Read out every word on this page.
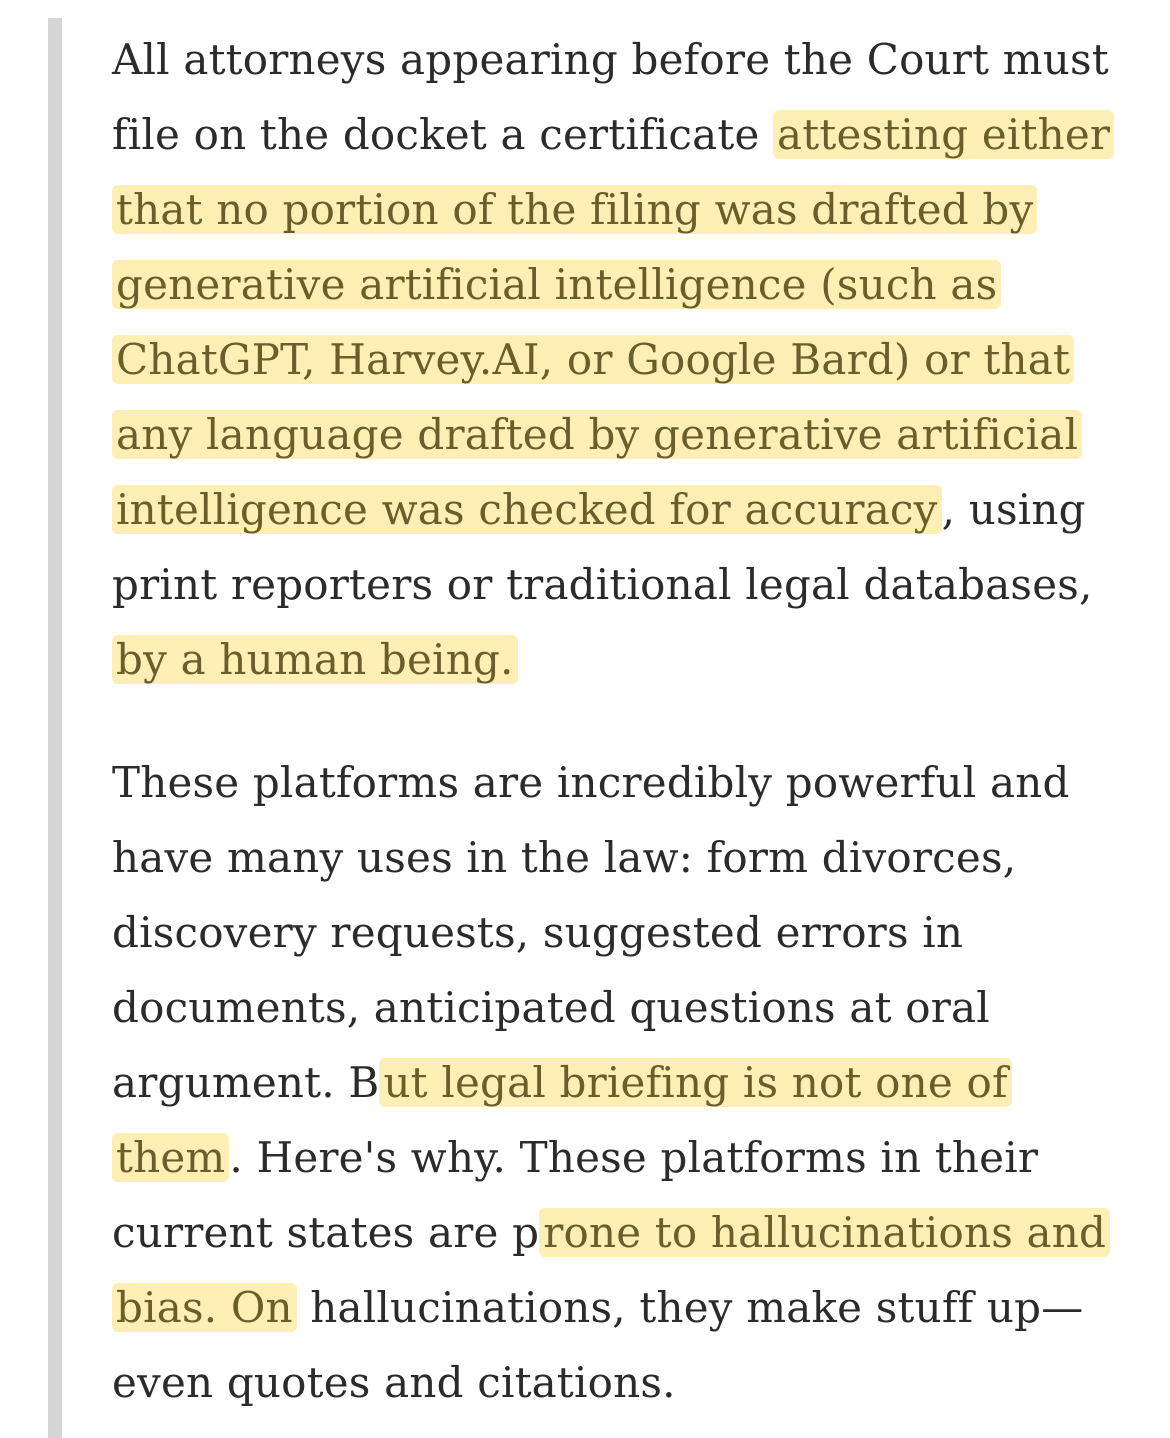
All attorneys appearing before the Court must file on the docket a certificate attesting either that no portion of the filing was drafted by generative artificial intelligence (such as ChatGPT, Harvey.AI, or Google Bard) or that any language drafted by generative artificial intelligence was checked for accuracy, using print reporters or traditional legal databases, by a human being.

These platforms are incredibly powerful and have many uses in the law: form divorces, discovery requests, suggested errors in documents, anticipated questions at oral argument. But legal briefing is not one of them. Here's why. These platforms in their current states are prone to hallucinations and bias. On hallucinations, they make stuff up—even quotes and citations.
